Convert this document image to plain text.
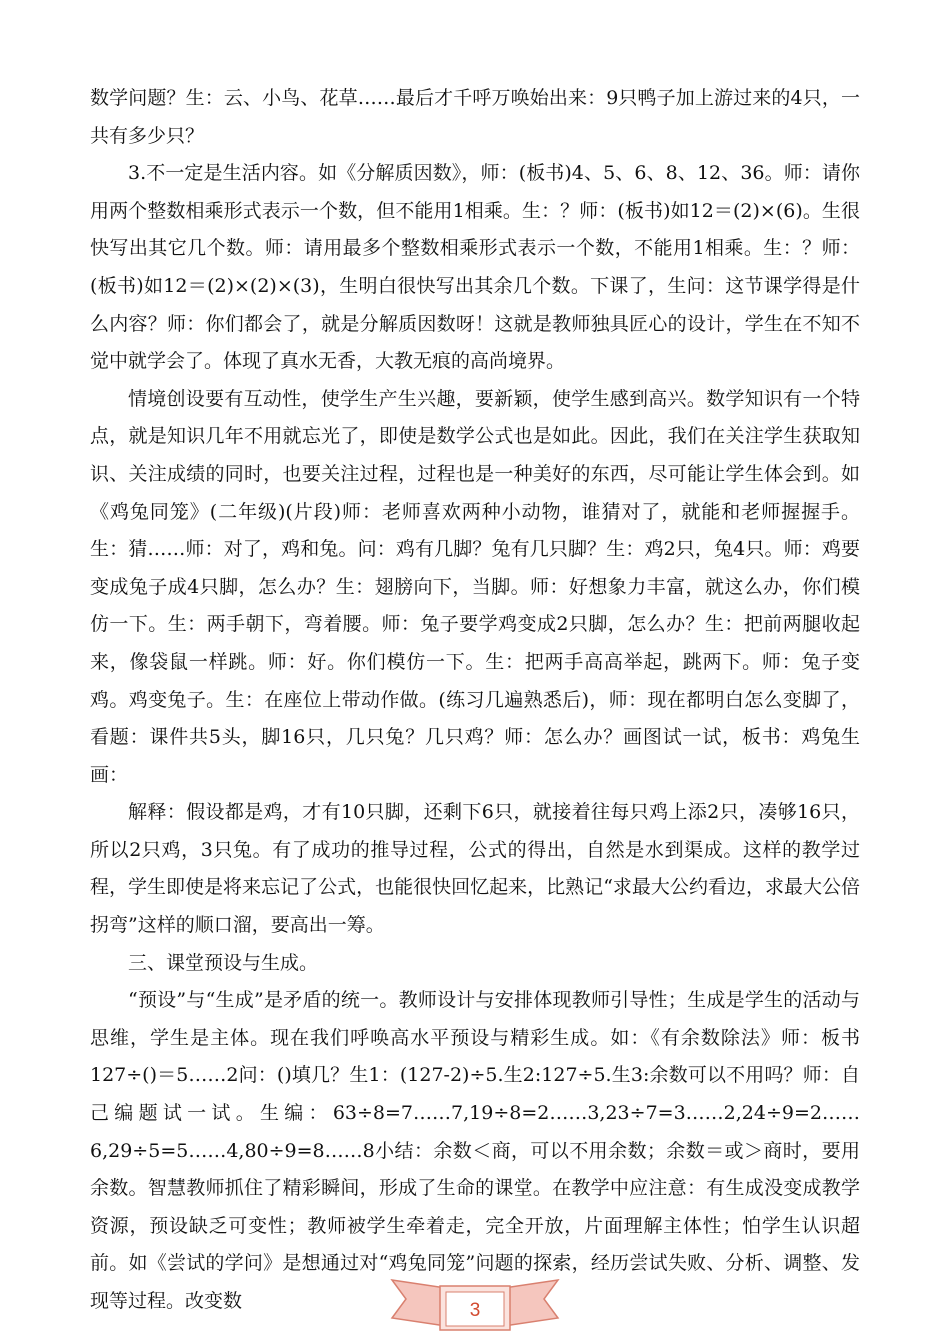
数学问题？生：云、小鸟、花草……最后才千呼万唤始出来：9只鸭子加上游过来的4只，一共有多少只？

3.不一定是生活内容。如《分解质因数》，师：(板书)4、5、6、8、12、36。师：请你用两个整数相乘形式表示一个数，但不能用1相乘。生：？师：(板书)如12＝(2)×(6)。生很快写出其它几个数。师：请用最多个整数相乘形式表示一个数，不能用1相乘。生：？师：(板书)如12＝(2)×(2)×(3)，生明白很快写出其余几个数。下课了，生问：这节课学得是什么内容？师：你们都会了，就是分解质因数呀！这就是教师独具匠心的设计，学生在不知不觉中就学会了。体现了真水无香，大教无痕的高尚境界。

情境创设要有互动性，使学生产生兴趣，要新颖，使学生感到高兴。数学知识有一个特点，就是知识几年不用就忘光了，即使是数学公式也是如此。因此，我们在关注学生获取知识、关注成绩的同时，也要关注过程，过程也是一种美好的东西，尽可能让学生体会到。如《鸡兔同笼》(二年级)(片段)师：老师喜欢两种小动物，谁猜对了，就能和老师握握手。生：猜……师：对了，鸡和兔。问：鸡有几脚？兔有几只脚？生：鸡2只，兔4只。师：鸡要变成兔子成4只脚，怎么办？生：翅膀向下，当脚。师：好想象力丰富，就这么办，你们模仿一下。生：两手朝下，弯着腰。师：兔子要学鸡变成2只脚，怎么办？生：把前两腿收起来，像袋鼠一样跳。师：好。你们模仿一下。生：把两手高高举起，跳两下。师：兔子变鸡。鸡变兔子。生：在座位上带动作做。(练习几遍熟悉后)，师：现在都明白怎么变脚了，看题：课件共5头，脚16只，几只兔？几只鸡？师：怎么办？画图试一试，板书：鸡兔生画：

解释：假设都是鸡，才有10只脚，还剩下6只，就接着往每只鸡上添2只，凑够16只，所以2只鸡，3只兔。有了成功的推导过程，公式的得出，自然是水到渠成。这样的教学过程，学生即使是将来忘记了公式，也能很快回忆起来，比熟记“求最大公约看边，求最大公倍拐弯”这样的顺口溜，要高出一筹。

三、课堂预设与生成。

“预设”与“生成”是矛盾的统一。教师设计与安排体现教师引导性；生成是学生的活动与思维，学生是主体。现在我们呼唤高水平预设与精彩生成。如：《有余数除法》师：板书127÷()＝5……2问：()填几？生1：(127-2)÷5.生2:127÷5.生3:余数可以不用吗？师：自己编题试一试。生编：63÷8=7……7,19÷8=2……3,23÷7=3……2,24÷9=2……6,29÷5=5……4,80÷9=8……8小结：余数＜商，可以不用余数；余数＝或＞商时，要用余数。智慧教师抓住了精彩瞬间，形成了生命的课堂。在教学中应注意：有生成没变成教学资源，预设缺乏可变性；教师被学生牵着走，完全开放，片面理解主体性；怕学生认识超前。如《尝试的学问》是想通过对“鸡兔同笼”问题的探索，经历尝试失败、分析、调整、发现等过程。改变数	3
